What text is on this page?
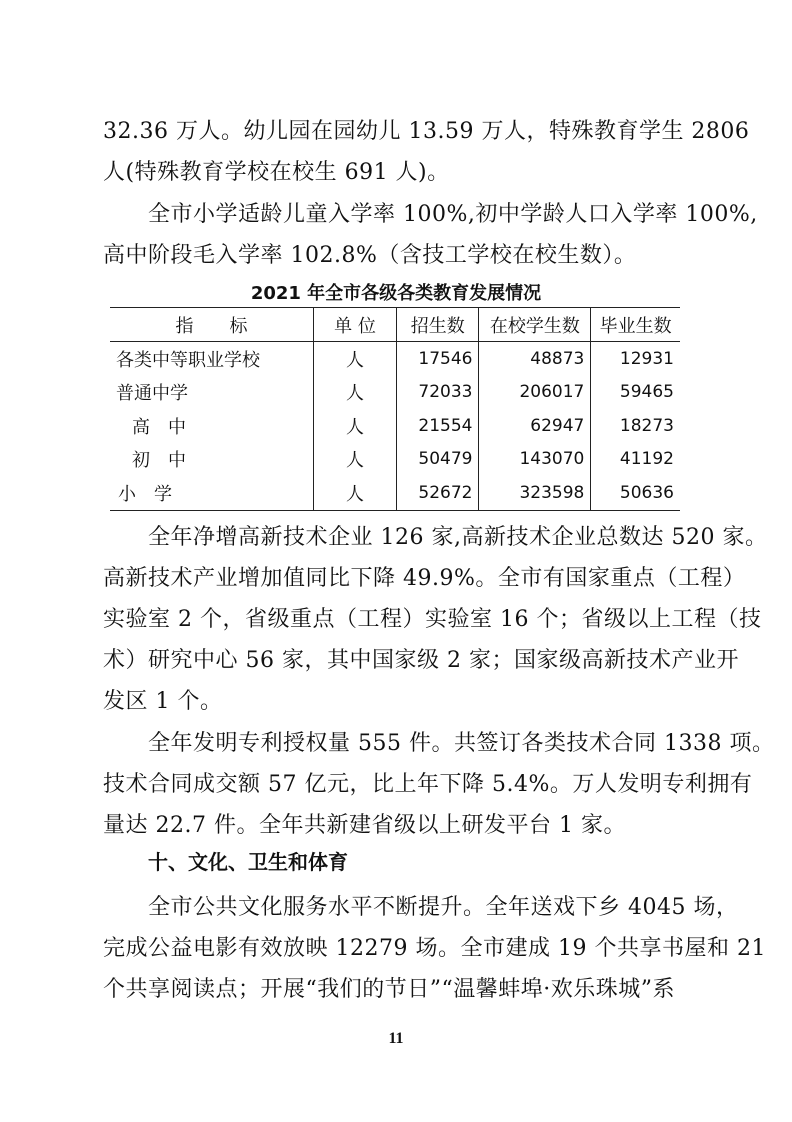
32.36 万人。幼儿园在园幼儿 13.59 万人，特殊教育学生 2806
人(特殊教育学校在校生 691 人)。
全市小学适龄儿童入学率 100%,初中学龄人口入学率 100%,
高中阶段毛入学率 102.8%（含技工学校在校生数）。
2021 年全市各级各类教育发展情况
指　　标	单 位	招生数	在校学生数	毕业生数
各类中等职业学校	人	17546	48873	12931
普通中学	人	72033	206017	59465
高　中	人	21554	62947	18273
初　中	人	50479	143070	41192
小　学	人	52672	323598	50636
全年净增高新技术企业 126 家,高新技术企业总数达 520 家。
高新技术产业增加值同比下降 49.9%。全市有国家重点（工程）
实验室 2 个，省级重点（工程）实验室 16 个；省级以上工程（技
术）研究中心 56 家，其中国家级 2 家；国家级高新技术产业开
发区 1 个。
全年发明专利授权量 555 件。共签订各类技术合同 1338 项。
技术合同成交额 57 亿元，比上年下降 5.4%。万人发明专利拥有
量达 22.7 件。全年共新建省级以上研发平台 1 家。
十、文化、卫生和体育
全市公共文化服务水平不断提升。全年送戏下乡 4045 场，
完成公益电影有效放映 12279 场。全市建成 19 个共享书屋和 21
个共享阅读点；开展“我们的节日”“温馨蚌埠·欢乐珠城”系
11
